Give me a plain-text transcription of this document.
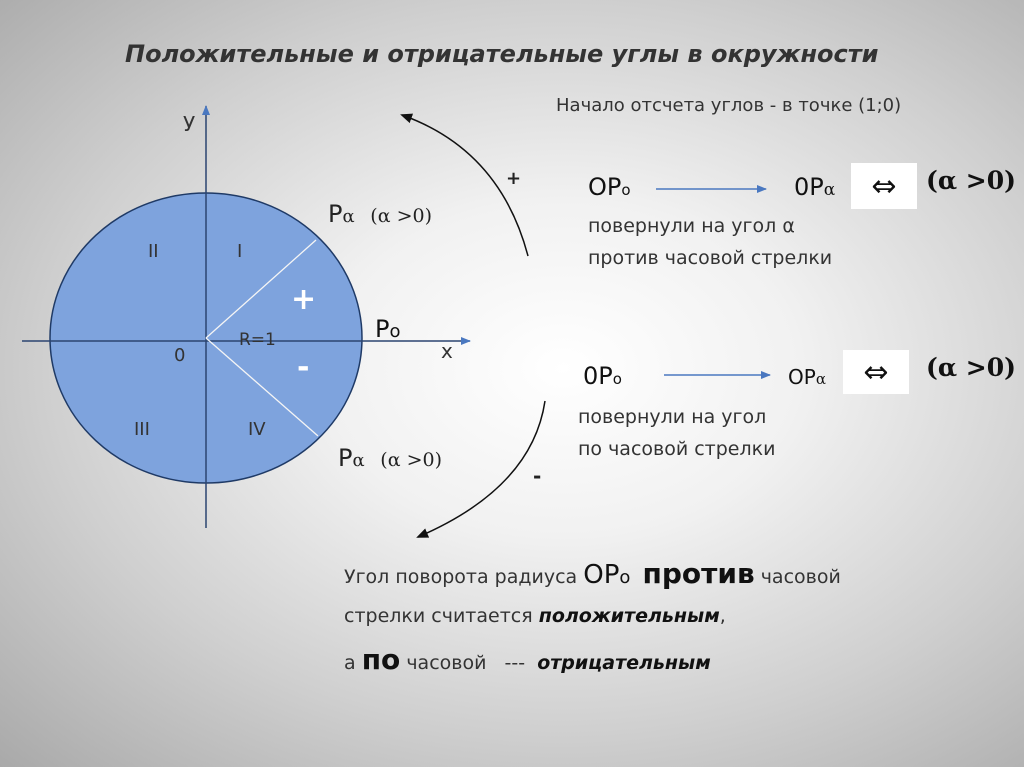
Положительные и отрицательные углы в окружности
Начало отсчета углов - в точке (1;0)
У
х
0
I
II
III	IV
R=1
+
-
Po
Pα (α >0)
Pα (α >0)
+
-
OPo	0Pα ⇔ (α >0)
повернули на угол α
против часовой стрелки
0Po	OPα ⇔ (α >0)
повернули на угол
по часовой стрелки
Угол поворота радиуса OPo против часовой
стрелки считается положительным,
а по часовой   ---  отрицательным
